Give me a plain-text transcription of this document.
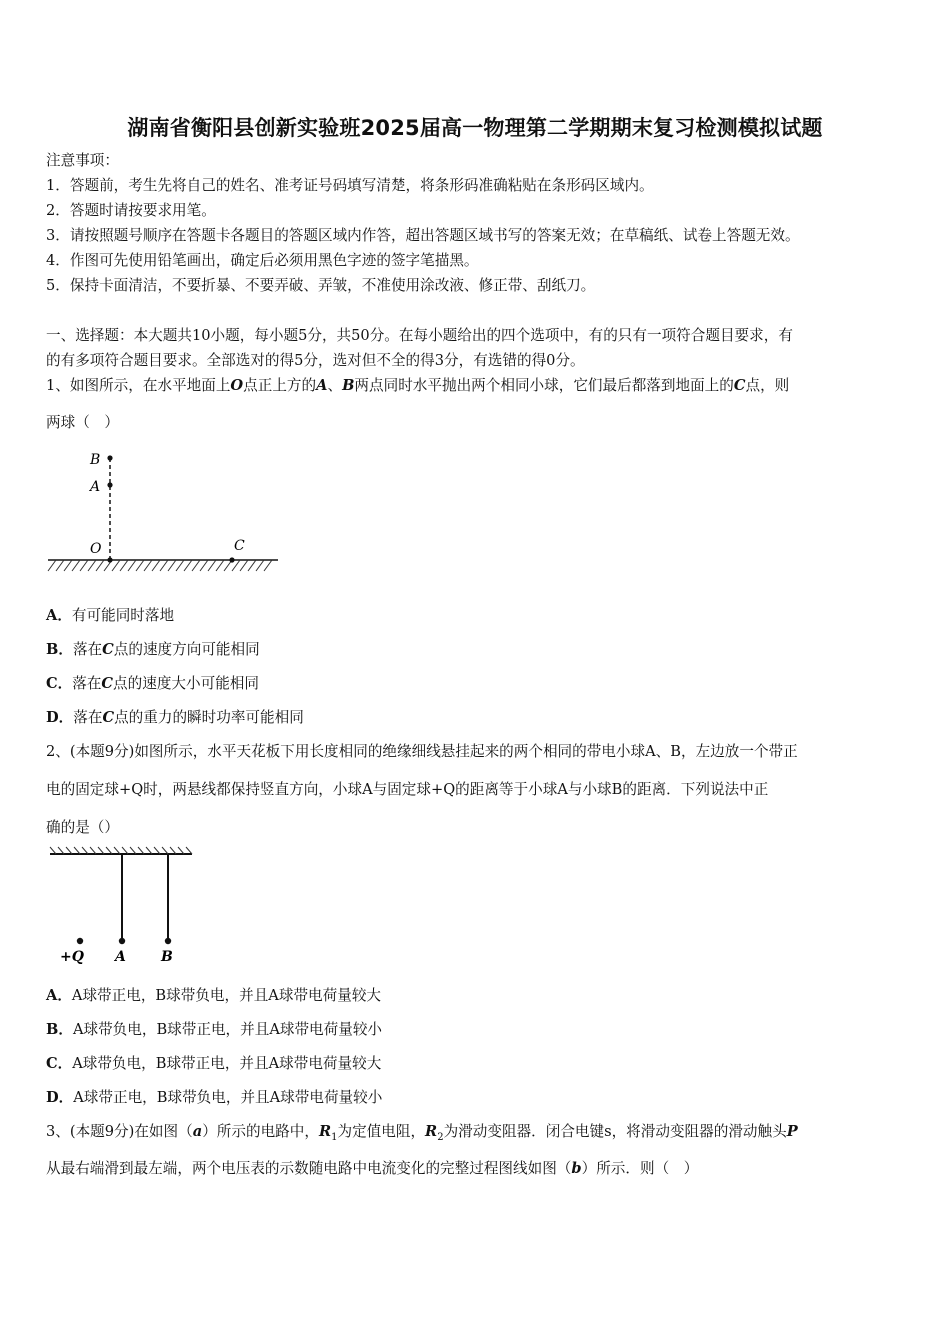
湖南省衡阳县创新实验班2025届高一物理第二学期期末复习检测模拟试题
注意事项：
1．答题前，考生先将自己的姓名、准考证号码填写清楚，将条形码准确粘贴在条形码区域内。
2．答题时请按要求用笔。
3．请按照题号顺序在答题卡各题目的答题区域内作答，超出答题区域书写的答案无效；在草稿纸、试卷上答题无效。
4．作图可先使用铅笔画出，确定后必须用黑色字迹的签字笔描黑。
5．保持卡面清洁，不要折暴、不要弄破、弄皱，不准使用涂改液、修正带、刮纸刀。
一、选择题：本大题共10小题，每小题5分，共50分。在每小题给出的四个选项中，有的只有一项符合题目要求，有
的有多项符合题目要求。全部选对的得5分，选对但不全的得3分，有选错的得0分。
1、如图所示，在水平地面上O点正上方的A、B两点同时水平抛出两个相同小球，它们最后都落到地面上的C点，则
两球（　）
B
A
O	C
A．有可能同时落地
B．落在C点的速度方向可能相同
C．落在C点的速度大小可能相同
D．落在C点的重力的瞬时功率可能相同
2、(本题9分)如图所示，水平天花板下用长度相同的绝缘细线悬挂起来的两个相同的带电小球A、B，左边放一个带正
电的固定球+Q时，两悬线都保持竖直方向，小球A与固定球+Q的距离等于小球A与小球B的距离．下列说法中正
确的是（）
+Q A	B
A．A球带正电，B球带负电，并且A球带电荷量较大
B．A球带负电，B球带正电，并且A球带电荷量较小
C．A球带负电，B球带正电，并且A球带电荷量较大
D．A球带正电，B球带负电，并且A球带电荷量较小
3、(本题9分)在如图（a）所示的电路中，$R_1$为定值电阻，$R_2$为滑动变阻器．闭合电键s，将滑动变阻器的滑动触头P
从最右端滑到最左端，两个电压表的示数随电路中电流变化的完整过程图线如图（b）所示．则（　）
